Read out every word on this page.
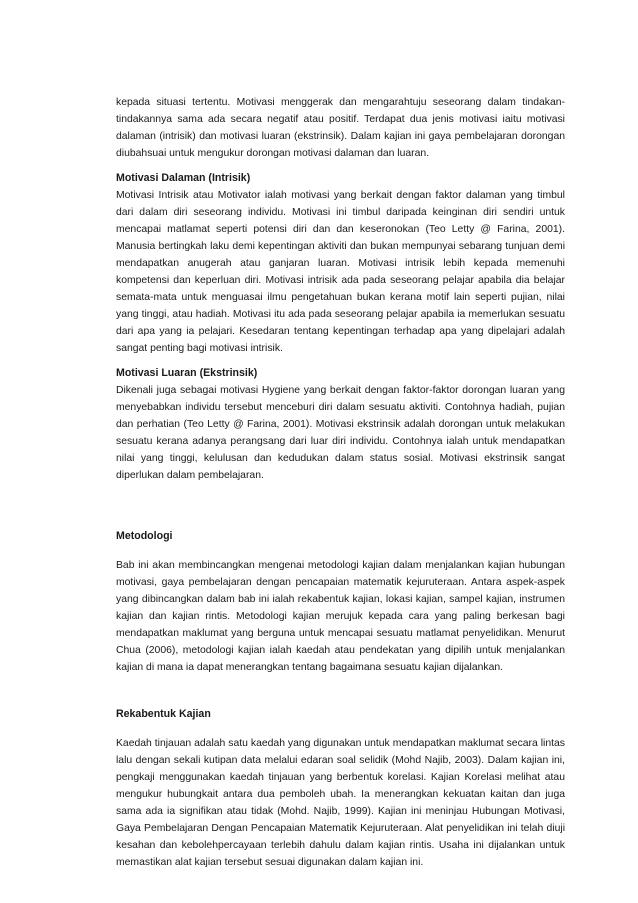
kepada situasi tertentu. Motivasi menggerak dan mengarahtuju seseorang dalam tindakan-tindakannya sama ada secara negatif atau positif. Terdapat dua jenis motivasi iaitu motivasi dalaman (intrisik) dan motivasi luaran (ekstrinsik). Dalam kajian ini gaya pembelajaran dorongan diubahsuai untuk mengukur dorongan motivasi dalaman dan luaran.

Motivasi Dalaman (Intrisik)

Motivasi Intrisik atau Motivator ialah motivasi yang berkait dengan faktor dalaman yang timbul dari dalam diri seseorang individu. Motivasi ini timbul daripada keinginan diri sendiri untuk mencapai matlamat seperti potensi diri dan dan keseronokan (Teo Letty @ Farina, 2001). Manusia bertingkah laku demi kepentingan aktiviti dan bukan mempunyai sebarang tunjuan demi mendapatkan anugerah atau ganjaran luaran. Motivasi intrisik lebih kepada memenuhi kompetensi dan keperluan diri. Motivasi intrisik ada pada seseorang pelajar apabila dia belajar semata-mata untuk menguasai ilmu pengetahuan bukan kerana motif lain seperti pujian, nilai yang tinggi, atau hadiah. Motivasi itu ada pada seseorang pelajar apabila ia memerlukan sesuatu dari apa yang ia pelajari. Kesedaran tentang kepentingan terhadap apa yang dipelajari adalah sangat penting bagi motivasi intrisik.

Motivasi Luaran (Ekstrinsik)

Dikenali juga sebagai motivasi Hygiene yang berkait dengan faktor-faktor dorongan luaran yang menyebabkan individu tersebut menceburi diri dalam sesuatu aktiviti. Contohnya hadiah, pujian dan perhatian (Teo Letty @ Farina, 2001). Motivasi ekstrinsik adalah dorongan untuk melakukan sesuatu kerana adanya perangsang dari luar diri individu. Contohnya ialah untuk mendapatkan nilai yang tinggi, kelulusan dan kedudukan dalam status sosial. Motivasi ekstrinsik sangat diperlukan dalam pembelajaran.

Metodologi

Bab ini akan membincangkan mengenai metodologi kajian dalam menjalankan kajian hubungan motivasi, gaya pembelajaran dengan pencapaian matematik kejuruteraan. Antara aspek-aspek yang dibincangkan dalam bab ini ialah rekabentuk kajian, lokasi kajian, sampel kajian, instrumen kajian dan kajian rintis. Metodologi kajian merujuk kepada cara yang paling berkesan bagi mendapatkan maklumat yang berguna untuk mencapai sesuatu matlamat penyelidikan. Menurut Chua (2006), metodologi kajian ialah kaedah atau pendekatan yang dipilih untuk menjalankan kajian di mana ia dapat menerangkan tentang bagaimana sesuatu kajian dijalankan.

Rekabentuk Kajian

Kaedah tinjauan adalah satu kaedah yang digunakan untuk mendapatkan maklumat secara lintas lalu dengan sekali kutipan data melalui edaran soal selidik (Mohd Najib, 2003). Dalam kajian ini, pengkaji menggunakan kaedah tinjauan yang berbentuk korelasi. Kajian Korelasi melihat atau mengukur hubungkait antara dua pemboleh ubah. Ia menerangkan kekuatan kaitan dan juga sama ada ia signifikan atau tidak (Mohd. Najib, 1999). Kajian ini meninjau Hubungan Motivasi, Gaya Pembelajaran Dengan Pencapaian Matematik Kejuruteraan. Alat penyelidikan ini telah diuji kesahan dan kebolehpercayaan terlebih dahulu dalam kajian rintis. Usaha ini dijalankan untuk memastikan alat kajian tersebut sesuai digunakan dalam kajian ini.
